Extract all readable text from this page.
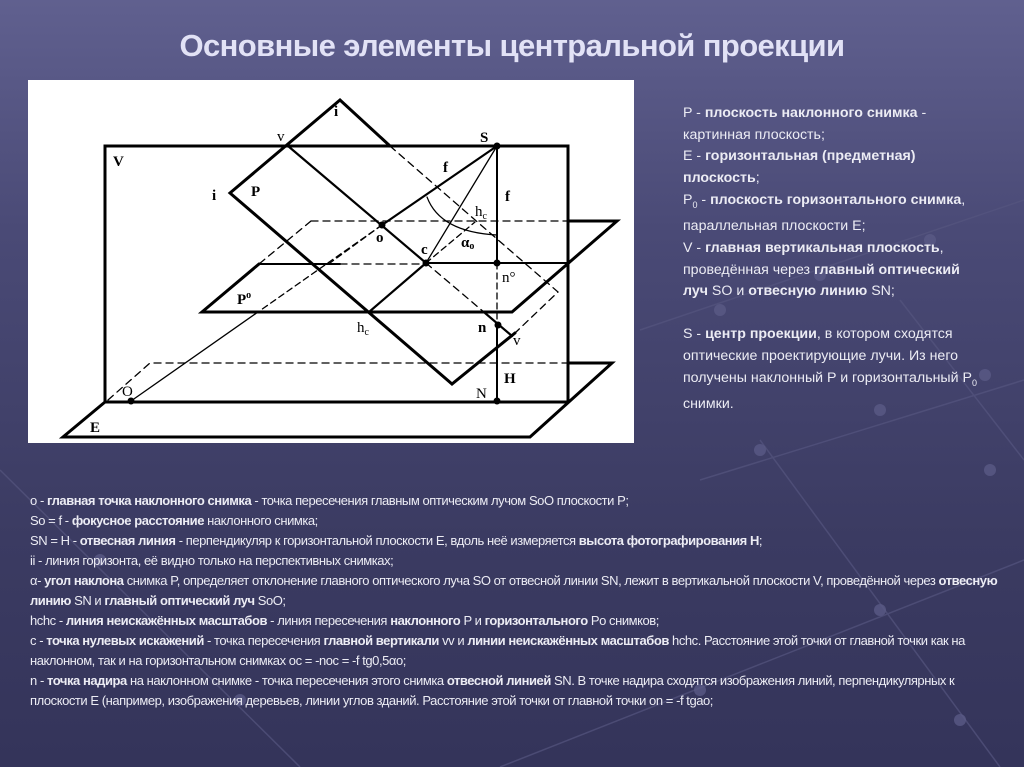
Основные элементы центральной проекции
V
E
P
$P^o$
i
i
v
v
S
f
f
$h_c$
αo
o
c
n°
$h_c$	n
H
N
O
P - плоскость наклонного снимка - картинная плоскость;
E - горизонтальная (предметная) плоскость;
$P_0$ - плоскость горизонтального снимка, параллельная плоскости E;
V - главная вертикальная плоскость, проведённая через главный оптический луч SO и отвесную линию SN;
S - центр проекции, в котором сходятся оптические проектирующие лучи. Из него получены наклонный P и горизонтальный $P_0$ снимки.
o - главная точка наклонного снимка - точка пересечения главным оптическим лучом SoO плоскости P;
So = f - фокусное расстояние наклонного снимка;
SN = H - отвесная линия - перпендикуляр к горизонтальной плоскости E, вдоль неё измеряется высота фотографирования H;
ii - линия горизонта, её видно только на перспективных снимках;
α- угол наклона снимка P, определяет отклонение главного оптического луча SO от отвесной линии SN, лежит в вертикальной плоскости V, проведённой через отвесную линию SN и главный оптический луч SoO;
hchc - линия неискажённых масштабов - линия пересечения наклонного P и горизонтального Po снимков;
c - точка нулевых искажений - точка пересечения главной вертикали vv и линии неискажённых масштабов hchc. Расстояние этой точки от главной точки как на наклонном, так и на горизонтальном снимках oc = -noc = -f tg0,5αo;
n - точка надира на наклонном снимке - точка пересечения этого снимка отвесной линией SN. В точке надира сходятся изображения линий, перпендикулярных к плоскости E (например, изображения деревьев, линии углов зданий. Расстояние этой точки от главной точки on = -f tgao;
